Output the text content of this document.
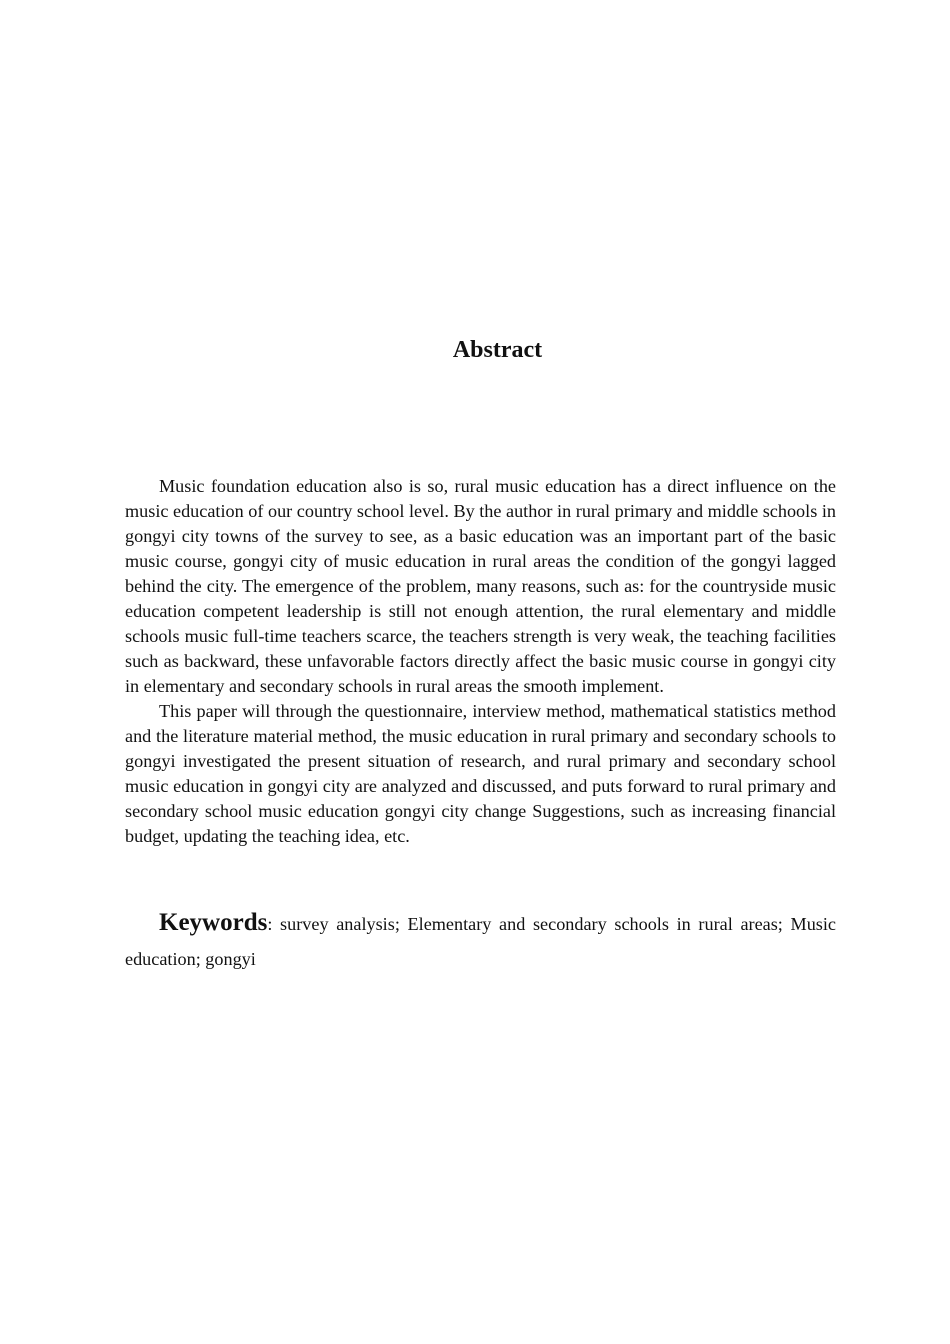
Abstract

Music foundation education also is so, rural music education has a direct influence on the music education of our country school level. By the author in rural primary and middle schools in gongyi city towns of the survey to see, as a basic education was an important part of the basic music course, gongyi city of music education in rural areas the condition of the gongyi lagged behind the city. The emergence of the problem, many reasons, such as: for the countryside music education competent leadership is still not enough attention, the rural elementary and middle schools music full-time teachers scarce, the teachers strength is very weak, the teaching facilities such as backward, these unfavorable factors directly affect the basic music course in gongyi city in elementary and secondary schools in rural areas the smooth implement.

This paper will through the questionnaire, interview method, mathematical statistics method and the literature material method, the music education in rural primary and secondary schools to gongyi investigated the present situation of research, and rural primary and secondary school music education in gongyi city are analyzed and discussed, and puts forward to rural primary and secondary school music education gongyi city change Suggestions, such as increasing financial budget, updating the teaching idea, etc.

Keywords: survey analysis; Elementary and secondary schools in rural areas; Music education; gongyi
